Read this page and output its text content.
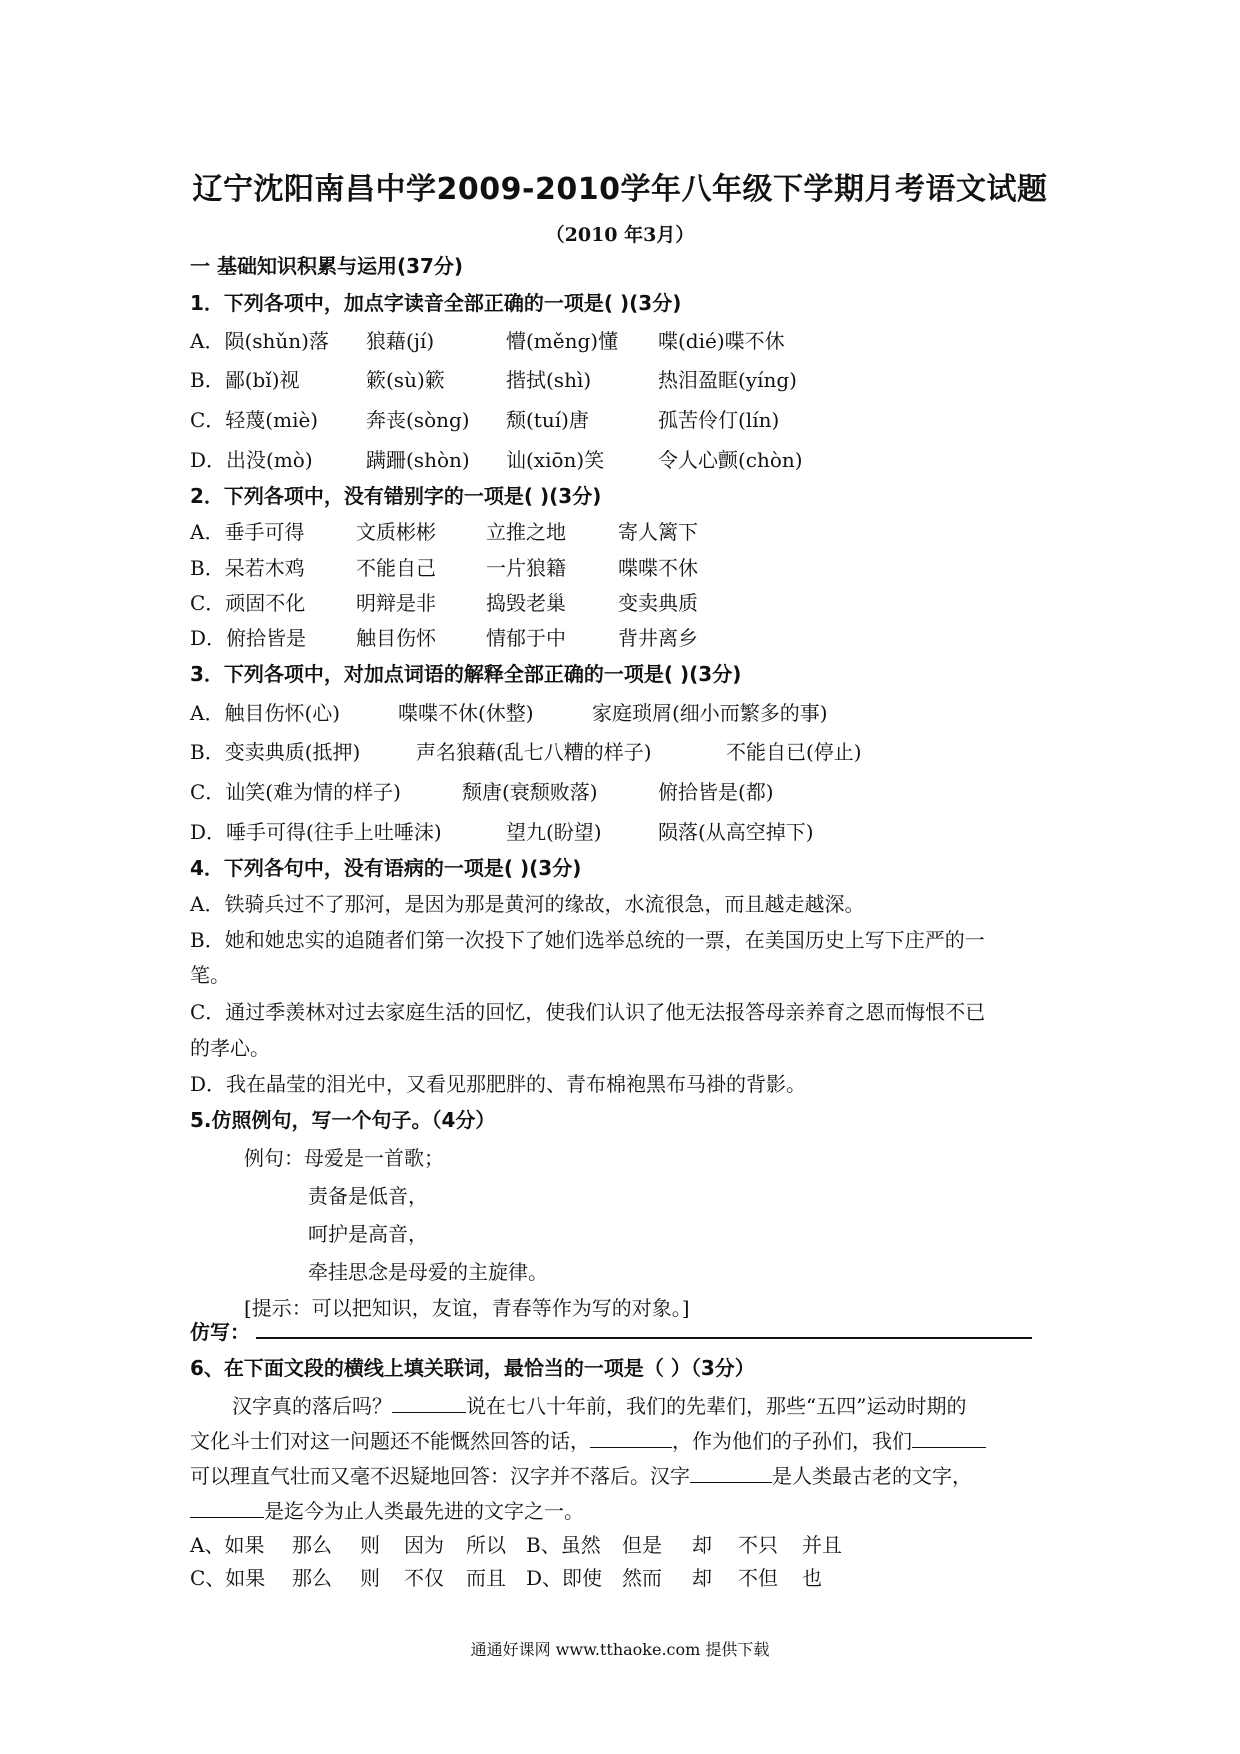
辽宁沈阳南昌中学2009-2010学年八年级下学期月考语文试题
（2010 年3月）
一 基础知识积累与运用(37分)
1．下列各项中，加点字读音全部正确的一项是( )(3分)
A．陨(shǔn)落 狼藉(jí)	懵(měng)懂 喋(dié)喋不休
B．鄙(bǐ)视	簌(sù)簌	揩拭(shì)	热泪盈眶(yíng)
C．轻蔑(miè) 奔丧(sòng) 颓(tuí)唐	孤苦伶仃(lín)
D．出没(mò)	蹒跚(shòn) 讪(xiōn)笑	令人心颤(chòn)
2．下列各项中，没有错别字的一项是( )(3分)
A．垂手可得	文质彬彬	立推之地	寄人篱下
B．呆若木鸡	不能自己	一片狼籍	喋喋不休
C．顽固不化	明辩是非	捣毁老巢	变卖典质
D．俯拾皆是 触目伤怀	情郁于中	背井离乡
3．下列各项中，对加点词语的解释全部正确的一项是( )(3分)
A．触目伤怀(心)	喋喋不休(休整)	家庭琐屑(细小而繁多的事)
B．变卖典质(抵押)	声名狼藉(乱七八糟的样子)	不能自已(停止)
C．讪笑(难为情的样子)	颓唐(衰颓败落)	俯拾皆是(都)
D．唾手可得(往手上吐唾沫)	望九(盼望)	陨落(从高空掉下)
4．下列各句中，没有语病的一项是( )(3分)
A．铁骑兵过不了那河，是因为那是黄河的缘故，水流很急，而且越走越深。
B．她和她忠实的追随者们第一次投下了她们选举总统的一票，在美国历史上写下庄严的一
笔。
C．通过季羡林对过去家庭生活的回忆，使我们认识了他无法报答母亲养育之恩而悔恨不已
的孝心。
D．我在晶莹的泪光中，又看见那肥胖的、青布棉袍黑布马褂的背影。
5.仿照例句，写一个句子。（4分）
例句：母爱是一首歌；
责备是低音，
呵护是高音，
牵挂思念是母爱的主旋律。
[提示：可以把知识，友谊，青春等作为写的对象。]
仿写：
6、在下面文段的横线上填关联词，最恰当的一项是（ ）（3分）
汉字真的落后吗？	说在七八十年前，我们的先辈们，那些“五四”运动时期的
文化斗士们对这一问题还不能慨然回答的话，	，作为他们的子孙们，我们
可以理直气壮而又毫不迟疑地回答：汉字并不落后。汉字	是人类最古老的文字，
是迄今为止人类最先进的文字之一。
A、如果 那么 则 因为 所以 B、虽然 但是 却 不只 并且
C、如果 那么 则 不仅 而且 D、即使 然而 却 不但 也
通通好课网 www.tthaoke.com 提供下载
